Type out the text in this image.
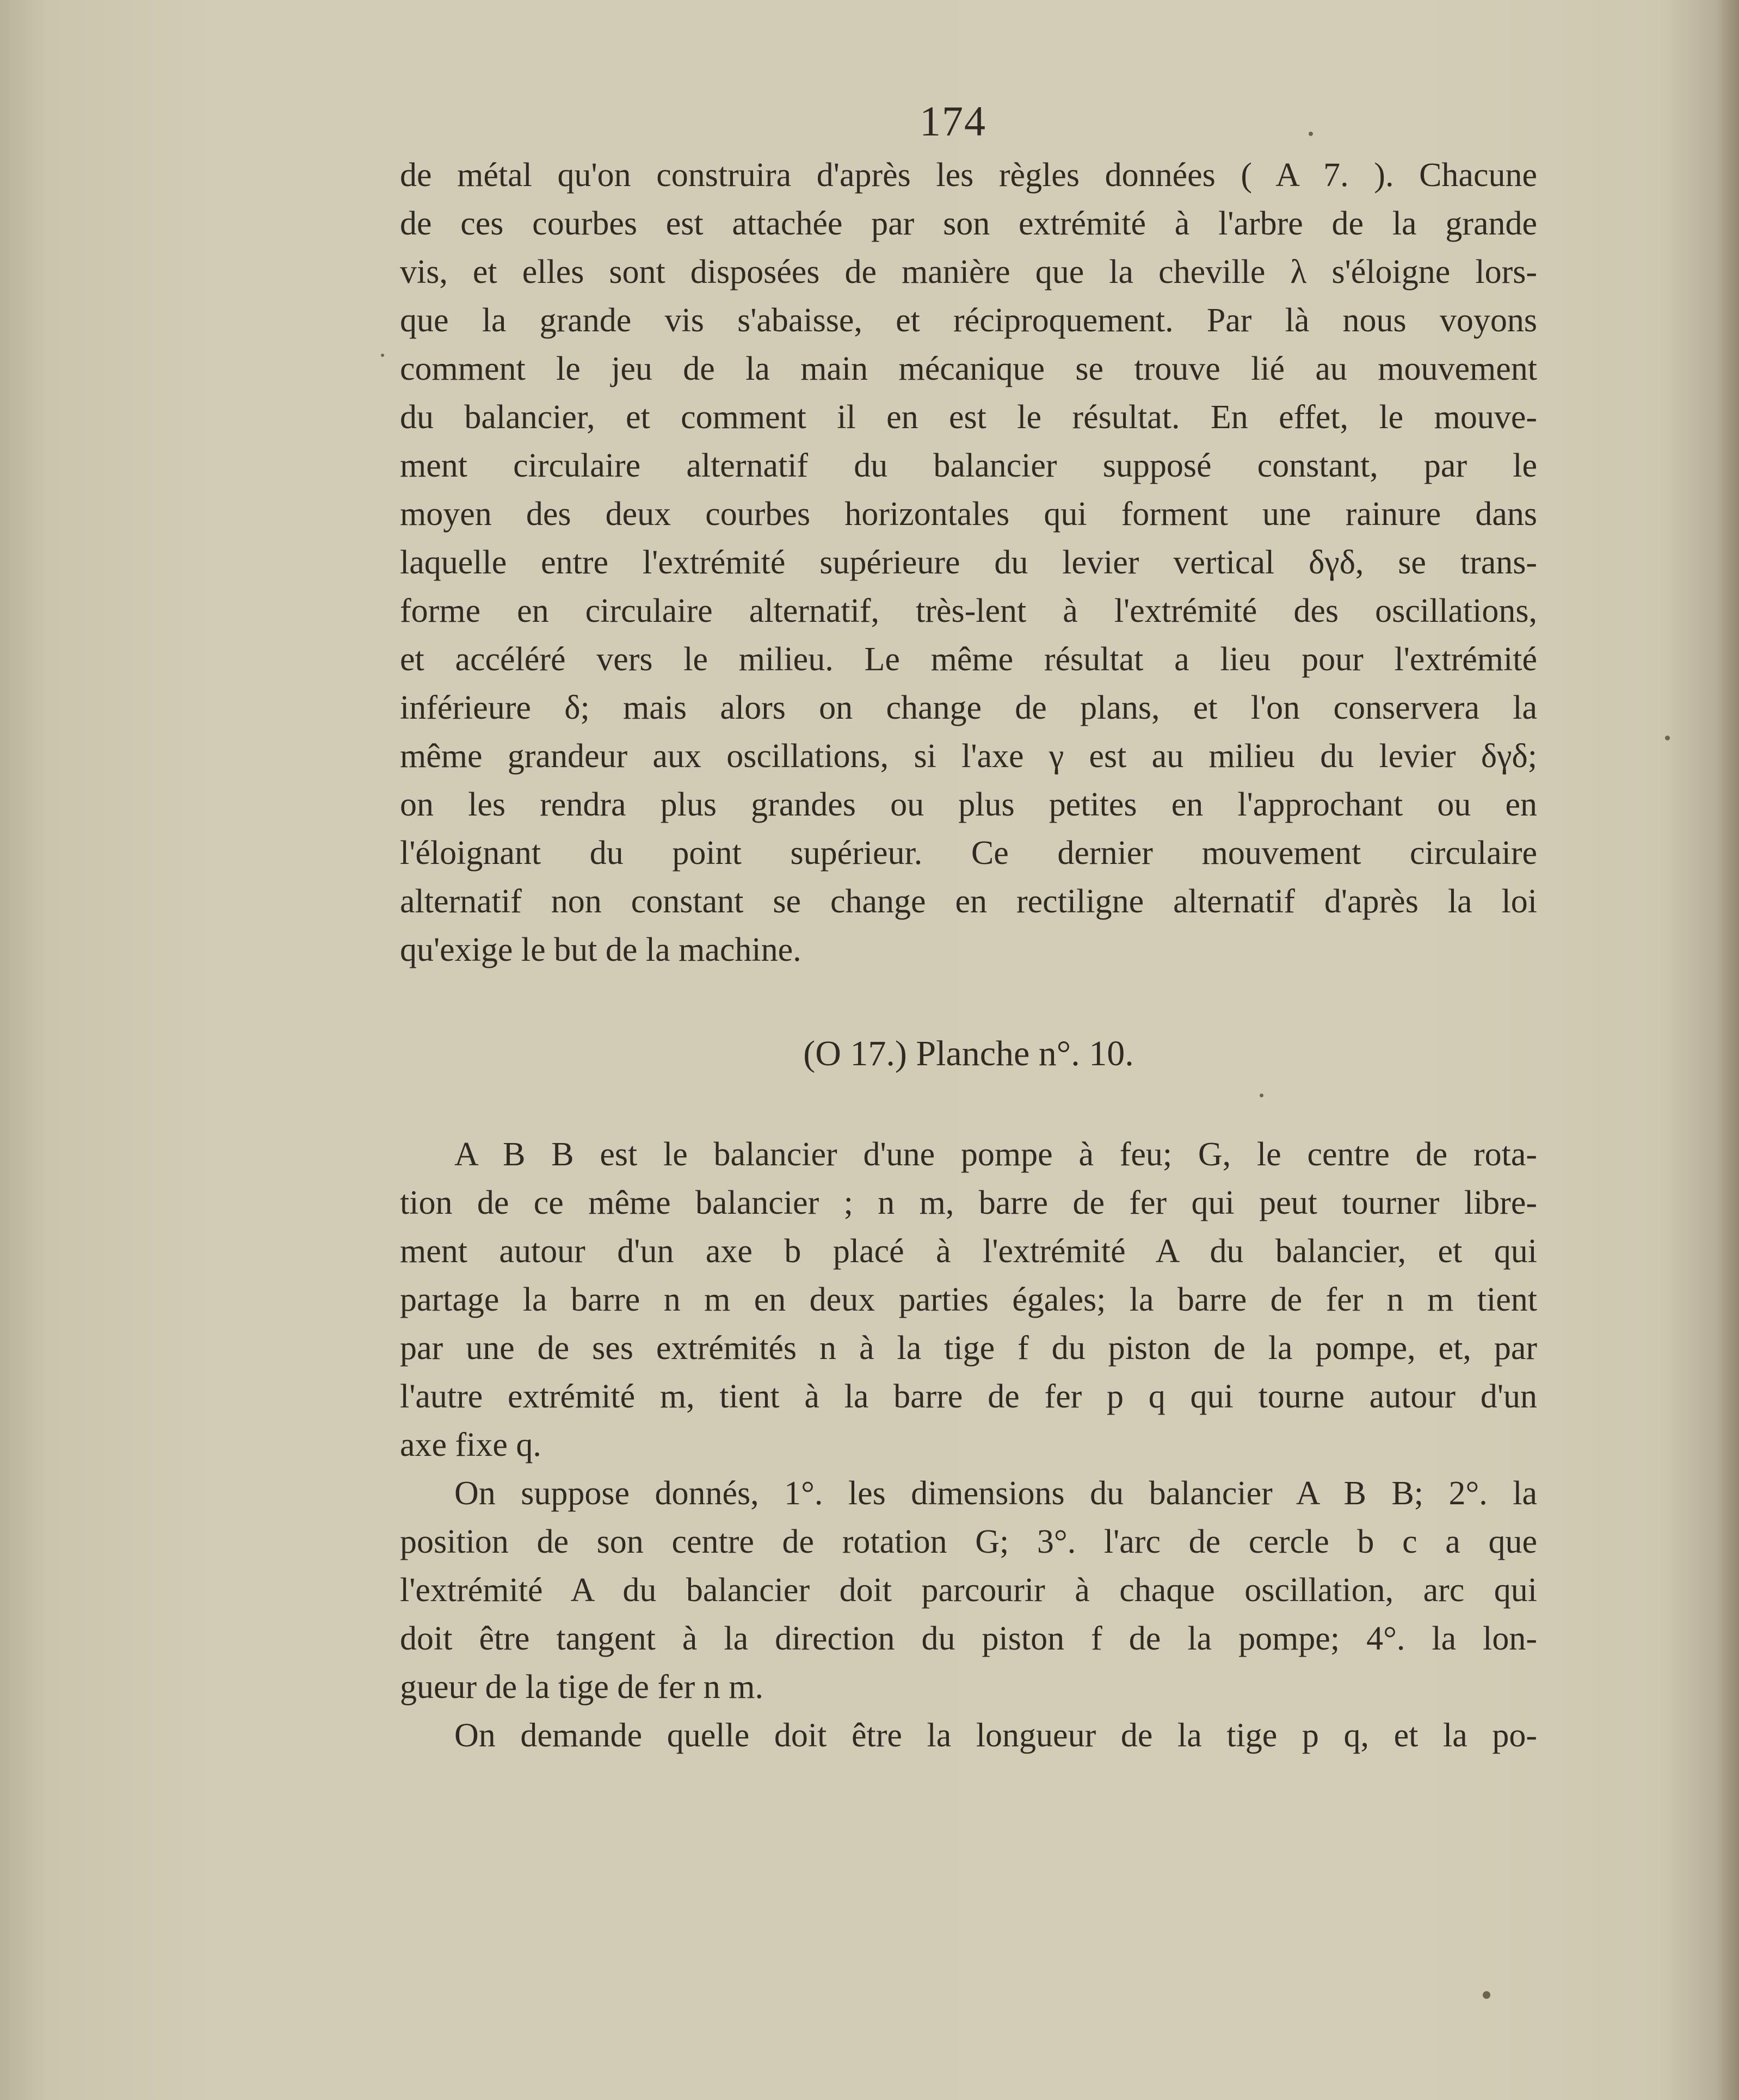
174
de métal qu'on construira d'après les règles données ( A 7. ). Chacune
de ces courbes est attachée par son extrémité à l'arbre de la grande
vis, et elles sont disposées de manière que la cheville λ s'éloigne lors-
que la grande vis s'abaisse, et réciproquement. Par là nous voyons
comment le jeu de la main mécanique se trouve lié au mouvement
du balancier, et comment il en est le résultat. En effet, le mouve-
ment circulaire alternatif du balancier supposé constant, par le
moyen des deux courbes horizontales qui forment une rainure dans
laquelle entre l'extrémité supérieure du levier vertical δγδ, se trans-
forme en circulaire alternatif, très-lent à l'extrémité des oscillations,
et accéléré vers le milieu. Le même résultat a lieu pour l'extrémité
inférieure δ; mais alors on change de plans, et l'on conservera la
même grandeur aux oscillations, si l'axe γ est au milieu du levier δγδ;
on les rendra plus grandes ou plus petites en l'approchant ou en
l'éloignant du point supérieur. Ce dernier mouvement circulaire
alternatif non constant se change en rectiligne alternatif d'après la loi
qu'exige le but de la machine.
(O 17.) Planche n°. 10.
A B B est le balancier d'une pompe à feu; G, le centre de rota-
tion de ce même balancier ; n m, barre de fer qui peut tourner libre-
ment autour d'un axe b placé à l'extrémité A du balancier, et qui
partage la barre n m en deux parties égales; la barre de fer n m tient
par une de ses extrémités n à la tige f du piston de la pompe, et, par
l'autre extrémité m, tient à la barre de fer p q qui tourne autour d'un
axe fixe q.
On suppose donnés, 1°. les dimensions du balancier A B B; 2°. la
position de son centre de rotation G; 3°. l'arc de cercle b c a que
l'extrémité A du balancier doit parcourir à chaque oscillation, arc qui
doit être tangent à la direction du piston f de la pompe; 4°. la lon-
gueur de la tige de fer n m.
On demande quelle doit être la longueur de la tige p q, et la po-
